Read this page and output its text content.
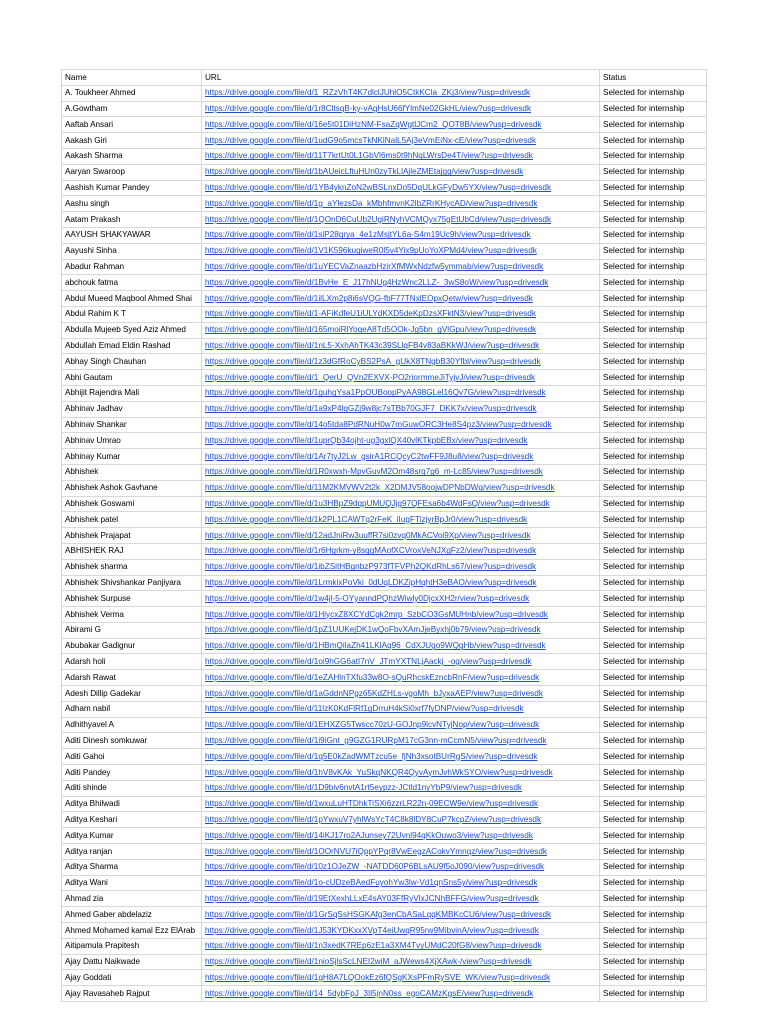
Name	URL	Status
A. Toukheer Ahmed	https://drive.google.com/file/d/1_RZzVhT4K7dlclJUhlO5CtkKCla_ZKj3/view?usp=drivesdk	Selected for internship
A.Gowtham	https://drive.google.com/file/d/1r8CltsqB-ky-vAgHsU66fYlmNe02GkHL/view?usp=drivesdk	Selected for internship
Aaftab Ansari	https://drive.google.com/file/d/16e5t01DiHzNM-FsaZqWgtlJCm2_QOT8B/view?usp=drivesdk	Selected for internship
Aakash Giri	https://drive.google.com/file/d/1udG9o5mcsTkNKlNalL5Aj3eVmEiNx-cE/view?usp=drivesdk	Selected for internship
Aakash Sharma	https://drive.google.com/file/d/11T7krtUt0L1GbVl6ms0t9hNqLWrsDe4T/view?usp=drivesdk	Selected for internship
Aaryan Swaroop	https://drive.google.com/file/d/1bAUeicLftuHUn0zyTkLlAjleZMEtajgg/view?usp=drivesdk	Selected for internship
Aashish Kumar Pandey	https://drive.google.com/file/d/1YB4yknZoN2wBSLnxDo5DqULkGFyDw5YX/view?usp=drivesdk	Selected for internship
Aashu singh	https://drive.google.com/file/d/1g_aYlezsDa_kMbhfmvnK2lbZRrKHycAD/view?usp=drivesdk	Selected for internship
Aatam Prakash	https://drive.google.com/file/d/1QOnD6CuUb2UgiRNyhVCMQyx75gEtUbCd/view?usp=drivesdk	Selected for internship
AAYUSH SHAKYAWAR	https://drive.google.com/file/d/1slP28qrya_4e1zMsjtYL6a-S4m19Uc9h/view?usp=drivesdk	Selected for internship
Aayushi Sinha	https://drive.google.com/file/d/1V1K596kugiweR0l5v4Yix9pUoYoXPMd4/view?usp=drivesdk	Selected for internship
Abadur Rahman	https://drive.google.com/file/d/1uYECVaZnaazbHzirXfMWxNdzfw5ymmab/view?usp=drivesdk	Selected for internship
abchouk fatma	https://drive.google.com/file/d/1BvHe_E_J17hNUg4HzWnc2LLZ-_3wS8oW/view?usp=drivesdk	Selected for internship
Abdul Mueed Maqbool Ahmed Shai	https://drive.google.com/file/d/1ilLXm2p8i6sVQG-fbF77TNxlEOpxQetw/view?usp=drivesdk	Selected for internship
Abdul Rahim K T	https://drive.google.com/file/d/1-AFiKdfeU1iULYdKXD5deKpDzsXFktN3/view?usp=drivesdk	Selected for internship
Abdulla Mujeeb Syed Aziz Ahmed	https://drive.google.com/file/d/165moiRlYoqeA8Td5OOk-Jg5bn_gVlGpu/view?usp=drivesdk	Selected for internship
Abdullah Emad Eldin Rashad	https://drive.google.com/file/d/1nL5-XxhAhTK43c39SLlqFB4v83aBKkWJ/view?usp=drivesdk	Selected for internship
Abhay Singh Chauhan	https://drive.google.com/file/d/1z3dGfRoCyBS2PsA_gUkX8TNgbB30Yfbl/view?usp=drivesdk	Selected for internship
Abhi Gautam	https://drive.google.com/file/d/1_QerU_QVn2EXVX-PO2riormmeJiTyjvJ/view?usp=drivesdk	Selected for internship
Abhijit Rajendra Mali	https://drive.google.com/file/d/1guhgYsa1PpOUBoopPyAA98GLel16Qv7G/view?usp=drivesdk	Selected for internship
Abhinav Jadhav	https://drive.google.com/file/d/1a9xP4lqGZj9w8jc7sTBb70GJF7_DKK7x/view?usp=drivesdk	Selected for internship
Abhinav Shankar	https://drive.google.com/file/d/14o5tda8PdRNuH0w7mGuwORC3He8S4pz3/view?usp=drivesdk	Selected for internship
Abhinav Umrao	https://drive.google.com/file/d/1uprQb34ojht-ug3gxlQX40vlKTkpbEBx/view?usp=drivesdk	Selected for internship
Abhinay Kumar	https://drive.google.com/file/d/1Ar7tyJ2Lw_gsirA1RCQcyC2twFF9J8u8/view?usp=drivesdk	Selected for internship
Abhishek	https://drive.google.com/file/d/1R0xwxh-MpvGuvM2Om48srq7g6_m-Lc85/view?usp=drivesdk	Selected for internship
Abhishek Ashok Gavhane	https://drive.google.com/file/d/11M2KMVWV2t2k_X2DMJV58oojwDPNbDWq/view?usp=drivesdk	Selected for internship
Abhishek Goswami	https://drive.google.com/file/d/1u3HBpZ9dqpUMUQJjg97QFEsa6b4WdFsQ/view?usp=drivesdk	Selected for internship
Abhishek patel	https://drive.google.com/file/d/1k2PL1CAWTq2rFeK_iIugFTizjyrBpJr0/view?usp=drivesdk	Selected for internship
Abhishek Prajapat	https://drive.google.com/file/d/12adJniRw3uuffR7si0zvq0MkACVoi9Xp/view?usp=drivesdk	Selected for internship
ABHISHEK RAJ	https://drive.google.com/file/d/1r6Hgrkm-y8sggMAofXCVroxVeNJXgFz2/view?usp=drivesdk	Selected for internship
Abhishek sharma	https://drive.google.com/file/d/1ibZSitHBgnbzP973fTFVPh2QKdRhLs67/view?usp=drivesdk	Selected for internship
Abhishek Shivshankar Panjiyara	https://drive.google.com/file/d/1LrmkixPoVki_0dUqLDKZipHqhtH3eBAO/view?usp=drivesdk	Selected for internship
Abhishek Surpuse	https://drive.google.com/file/d/1w4jl-5-OYyanndPQhzWiwly0DjcxXH2r/view?usp=drivesdk	Selected for internship
Abhishek Verma	https://drive.google.com/file/d/1HiycxZ8XCYdCgk2mrp_SzbCO3GsMUHnb/view?usp=drivesdk	Selected for internship
Abirami G	https://drive.google.com/file/d/1pZ1UUKejDK1wQoFbvXAmJjeByxhj0b79/view?usp=drivesdk	Selected for internship
Abubakar Gadignur	https://drive.google.com/file/d/1HBmQilaZh41LKlAq96_CdXJUgo9WQgHb/view?usp=drivesdk	Selected for internship
Adarsh holi	https://drive.google.com/file/d/1oi9hGG6atI7nV_JTmYXTNLjAackj_-og/view?usp=drivesdk	Selected for internship
Adarsh Rawat	https://drive.google.com/file/d/1eZAHlnTXfu33w8O-sQuRhcskEzncbRnF/view?usp=drivesdk	Selected for internship
Adesh Dillip Gadekar	https://drive.google.com/file/d/1aGddnNPgz65KdZHLs-vgoMh_bJyxaAEP/view?usp=drivesdk	Selected for internship
Adham nabil	https://drive.google.com/file/d/11lzK0KdFlRf1gDrruH4kSi0xrf7fyDNP/view?usp=drivesdk	Selected for internship
Adhithyavel A	https://drive.google.com/file/d/1EHXZG5Twscc70zU-GOJnp9lcvNTyjNop/view?usp=drivesdk	Selected for internship
Aditi Dinesh somkuwar	https://drive.google.com/file/d/1i9iGnt_g9GZG1RURpM17cG3nn-mCcmN5/view?usp=drivesdk	Selected for internship
Aditi Gahoi	https://drive.google.com/file/d/1q5E0kZadWMTzcu5e_fjNh3xsotBUrRgS/view?usp=drivesdk	Selected for internship
Aditi Pandey	https://drive.google.com/file/d/1hV8vKAk_YuSkqNKQR4QyvAymJvhWkSYO/view?usp=drivesdk	Selected for internship
Aditi shinde	https://drive.google.com/file/d/1D9biv6nvtA1rt5eypzz-JCtld1nyYbP9/view?usp=drivesdk	Selected for internship
Aditya Bhilwadi	https://drive.google.com/file/d/1wxuLuHTDhkTiSXi6zzrLR22n-09ECW9e/view?usp=drivesdk	Selected for internship
Aditya Keshari	https://drive.google.com/file/d/1pYwxuV7yhlWsYcT4C8k8lDY8CuP7kcpZ/view?usp=drivesdk	Selected for internship
Aditya Kumar	https://drive.google.com/file/d/14iKJ17ro2AJunsey72Uvnl94qKkOuwo3/view?usp=drivesdk	Selected for internship
Aditya ranjan	https://drive.google.com/file/d/1OOrNVU7iQppYPqr8VwEegzACokvYmnqz/view?usp=drivesdk	Selected for internship
Aditya Sharma	https://drive.google.com/file/d/10z1OJeZW_-NATDD60P6BLsAU9f5oJ090/view?usp=drivesdk	Selected for internship
Aditya Wani	https://drive.google.com/file/d/1o-cUDzeBAedFuyohYw3lw-Vd1qnSns5y/view?usp=drivesdk	Selected for internship
Ahmad zia	https://drive.google.com/file/d/19EtXexhLLxE4sAY03FfRyVlxJCNhBFFG/view?usp=drivesdk	Selected for internship
Ahmed Gaber abdelaziz	https://drive.google.com/file/d/1GrSqSsHSGKAfg3enCbASaLqqKMBKcCU6/view?usp=drivesdk	Selected for internship
Ahmed Mohamed kamal Ezz ElArab	https://drive.google.com/file/d/1J53KYDKxxXVpT4eiUwqR95rw9MibvinA/view?usp=drivesdk	Selected for internship
Aitipamula Prapitesh	https://drive.google.com/file/d/1n3xedK7REp6zE1a3XM4TvyUMdC20fG8/view?usp=drivesdk	Selected for internship
Ajay Dattu Naikwade	https://drive.google.com/file/d/1nioSjlsScLNEI2wiM_aJWews4XjXAwk-/view?usp=drivesdk	Selected for internship
Ajay Goddati	https://drive.google.com/file/d/1gH8A7LQOokEz6fQSgKXsPFmRySVE_WK/view?usp=drivesdk	Selected for internship
Ajay Ravasaheb Rajput	https://drive.google.com/file/d/14_5dybFpJ_3Il5jnN0ss_egoCAMzKgsE/view?usp=drivesdk	Selected for internship
